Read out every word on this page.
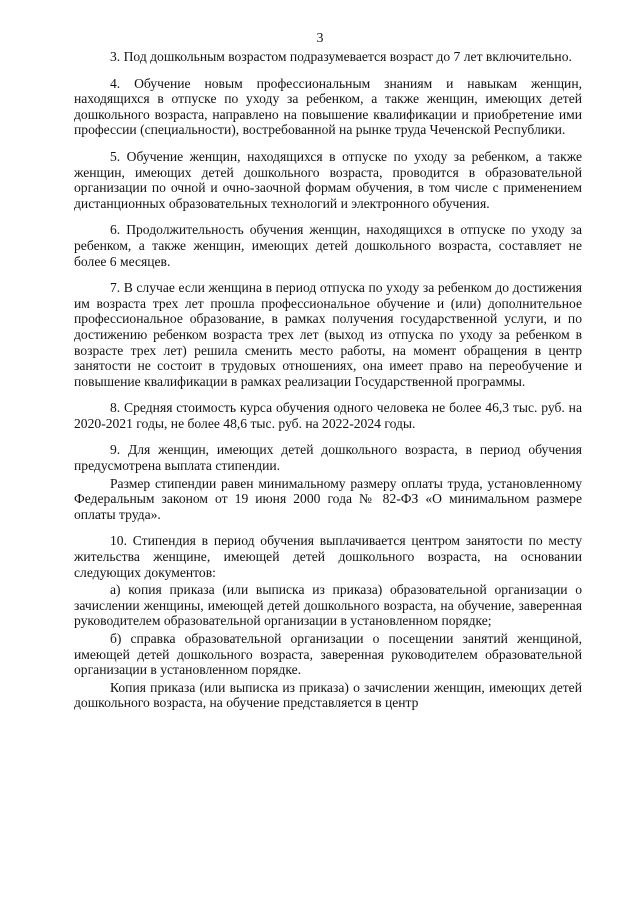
3

3. Под дошкольным возрастом подразумевается возраст до 7 лет включительно.

4. Обучение новым профессиональным знаниям и навыкам женщин, находящихся в отпуске по уходу за ребенком, а также женщин, имеющих детей дошкольного возраста, направлено на повышение квалификации и приобретение ими профессии (специальности), востребованной на рынке труда Чеченской Республики.

5. Обучение женщин, находящихся в отпуске по уходу за ребенком, а также женщин, имеющих детей дошкольного возраста, проводится в образовательной организации по очной и очно-заочной формам обучения, в том числе с применением дистанционных образовательных технологий и электронного обучения.

6. Продолжительность обучения женщин, находящихся в отпуске по уходу за ребенком, а также женщин, имеющих детей дошкольного возраста, составляет не более 6 месяцев.

7. В случае если женщина в период отпуска по уходу за ребенком до достижения им возраста трех лет прошла профессиональное обучение и (или) дополнительное профессиональное образование, в рамках получения государственной услуги, и по достижению ребенком возраста трех лет (выход из отпуска по уходу за ребенком в возрасте трех лет) решила сменить место работы, на момент обращения в центр занятости не состоит в трудовых отношениях, она имеет право на переобучение и повышение квалификации в рамках реализации Государственной программы.

8. Средняя стоимость курса обучения одного человека не более 46,3 тыс. руб. на 2020-2021 годы, не более 48,6 тыс. руб. на 2022-2024 годы.

9. Для женщин, имеющих детей дошкольного возраста, в период обучения предусмотрена выплата стипендии.

Размер стипендии равен минимальному размеру оплаты труда, установленному Федеральным законом от 19 июня 2000 года № 82-ФЗ «О минимальном размере оплаты труда».

10. Стипендия в период обучения выплачивается центром занятости по месту жительства женщине, имеющей детей дошкольного возраста, на основании следующих документов:

а) копия приказа (или выписка из приказа) образовательной организации о зачислении женщины, имеющей детей дошкольного возраста, на обучение, заверенная руководителем образовательной организации в установленном порядке;

б) справка образовательной организации о посещении занятий женщиной, имеющей детей дошкольного возраста, заверенная руководителем образовательной организации в установленном порядке.

Копия приказа (или выписка из приказа) о зачислении женщин, имеющих детей дошкольного возраста, на обучение представляется в центр
